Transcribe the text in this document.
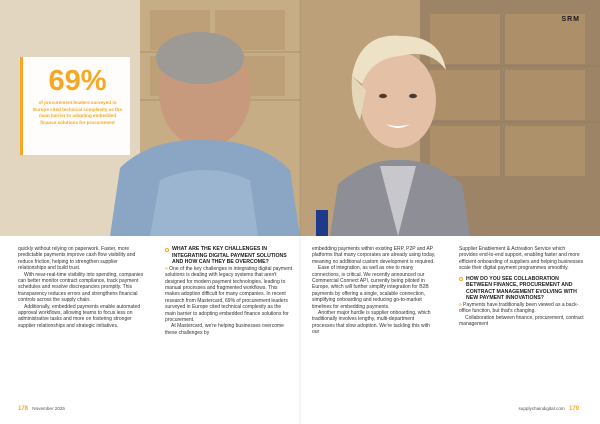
SRM
69%
of procurement leaders surveyed in Europe cited technical complexity as the main barrier to adopting embedded finance solutions for procurement

quickly without relying on paperwork. Faster, more predictable payments improve cash flow visibility and reduce friction, helping to strengthen supplier relationships and build trust.

With near-real-time visibility into spending, companies can better monitor contract compliance, track payment schedules and resolve discrepancies promptly. This transparency reduces errors and strengthens financial controls across the supply chain.

Additionally, embedded payments enable automated approval workflows, allowing teams to focus less on administrative tasks and more on fostering stronger supplier relationships and strategic initiatives.

WHAT ARE THE KEY CHALLENGES IN INTEGRATING DIGITAL PAYMENT SOLUTIONS AND HOW CAN THEY BE OVERCOME?

» One of the key challenges in integrating digital payment solutions is dealing with legacy systems that aren't designed for modern payment technologies, leading to manual processes and fragmented workflows. This makes adoption difficult for many companies. In recent research from Mastercard, 69% of procurement leaders surveyed in Europe cited technical complexity as the main barrier to adopting embedded finance solutions for procurement.

At Mastercard, we're helping businesses overcome these challenges by

embedding payments within existing ERP, P2P and AP platforms that many corporates are already using today, meaning no additional custom development is required.

Ease of integration, as well as one to many connections, is critical. We recently announced our Commercial Connect API, currently being piloted in Europe, which will further simplify integration for B2B payments by offering a single, scalable connection, simplifying onboarding and reducing go-to-market timelines for embedding payments.

Another major hurdle is supplier onboarding, which traditionally involves lengthy, multi-department processes that slow adoption. We're tackling this with our

Supplier Enablement & Activation Service which provides end-to-end support, enabling faster and more efficient onboarding of suppliers and helping businesses scale their digital payment programmes smoothly.

HOW DO YOU SEE COLLABORATION BETWEEN FINANCE, PROCUREMENT AND CONTRACT MANAGEMENT EVOLVING WITH NEW PAYMENT INNOVATIONS?

» Payments have traditionally been viewed as a back-office function, but that's changing.

Collaboration between finance, procurement, contract management

178 November 2025	supplychaindigital.com 179
